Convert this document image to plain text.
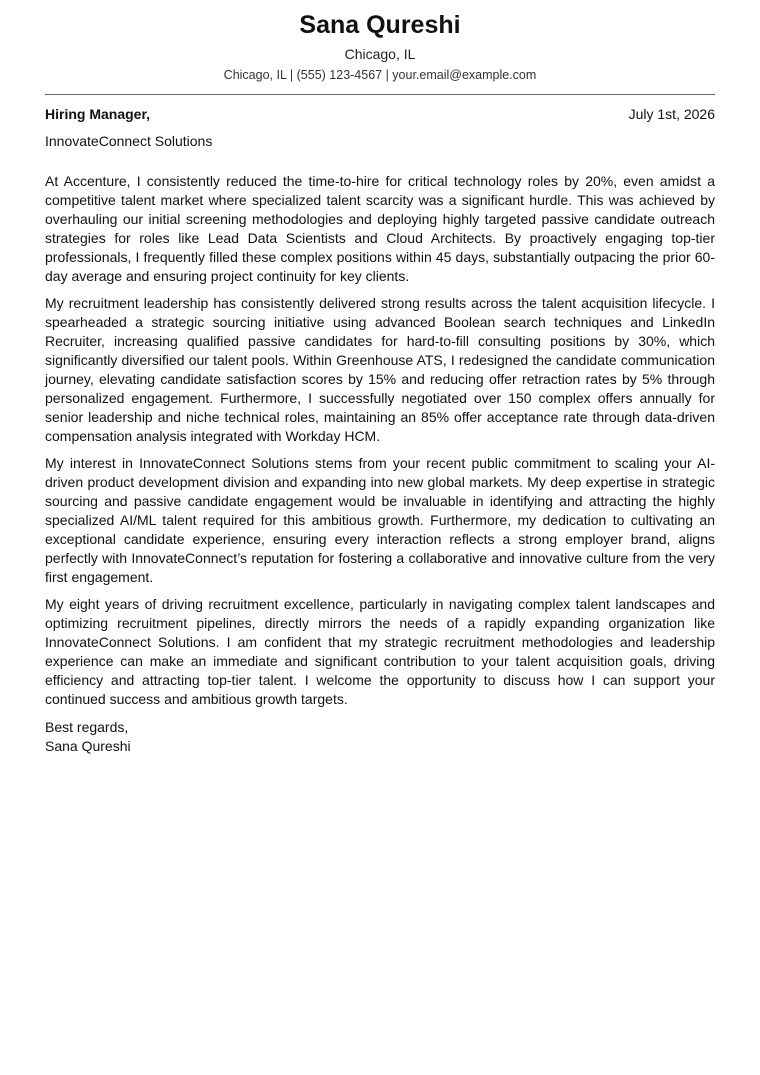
Sana Qureshi
Chicago, IL
Chicago, IL | (555) 123-4567 | your.email@example.com
Hiring Manager,	July 1st, 2026
InnovateConnect Solutions

At Accenture, I consistently reduced the time-to-hire for critical technology roles by 20%, even amidst a competitive talent market where specialized talent scarcity was a significant hurdle. This was achieved by overhauling our initial screening methodologies and deploying highly targeted passive candidate outreach strategies for roles like Lead Data Scientists and Cloud Architects. By proactively engaging top-tier professionals, I frequently filled these complex positions within 45 days, substantially outpacing the prior 60-day average and ensuring project continuity for key clients.

My recruitment leadership has consistently delivered strong results across the talent acquisition lifecycle. I spearheaded a strategic sourcing initiative using advanced Boolean search techniques and LinkedIn Recruiter, increasing qualified passive candidates for hard-to-fill consulting positions by 30%, which significantly diversified our talent pools. Within Greenhouse ATS, I redesigned the candidate communication journey, elevating candidate satisfaction scores by 15% and reducing offer retraction rates by 5% through personalized engagement. Furthermore, I successfully negotiated over 150 complex offers annually for senior leadership and niche technical roles, maintaining an 85% offer acceptance rate through data-driven compensation analysis integrated with Workday HCM.

My interest in InnovateConnect Solutions stems from your recent public commitment to scaling your AI-driven product development division and expanding into new global markets. My deep expertise in strategic sourcing and passive candidate engagement would be invaluable in identifying and attracting the highly specialized AI/ML talent required for this ambitious growth. Furthermore, my dedication to cultivating an exceptional candidate experience, ensuring every interaction reflects a strong employer brand, aligns perfectly with InnovateConnect’s reputation for fostering a collaborative and innovative culture from the very first engagement.

My eight years of driving recruitment excellence, particularly in navigating complex talent landscapes and optimizing recruitment pipelines, directly mirrors the needs of a rapidly expanding organization like InnovateConnect Solutions. I am confident that my strategic recruitment methodologies and leadership experience can make an immediate and significant contribution to your talent acquisition goals, driving efficiency and attracting top-tier talent. I welcome the opportunity to discuss how I can support your continued success and ambitious growth targets.

Best regards,
Sana Qureshi
